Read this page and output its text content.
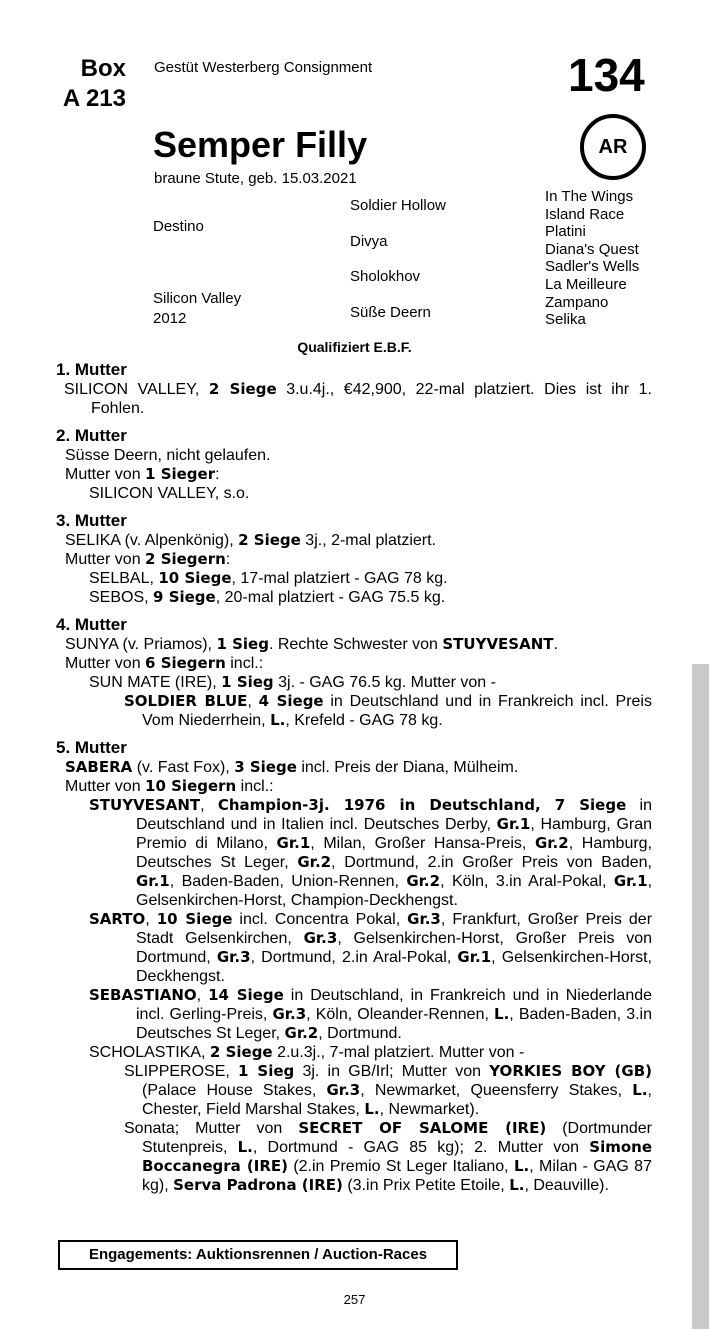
Box
A 213
Gestüt Westerberg Consignment	134
Semper Filly
braune Stute, geb. 15.03.2021
AR
Destino
Silicon Valley
2012
Soldier Hollow
Divya
Sholokhov
Süße Deern
In The Wings
Island Race
Platini
Diana's Quest
Sadler's Wells
La Meilleure
Zampano
Selika
Qualifiziert E.B.F.
1. Mutter
SILICON VALLEY, 2 Siege 3.u.4j., €42,900, 22-mal platziert. Dies ist ihr 1. Fohlen.
2. Mutter
Süsse Deern, nicht gelaufen.
Mutter von 1 Sieger:
SILICON VALLEY, s.o.
3. Mutter
SELIKA (v. Alpenkönig), 2 Siege 3j., 2-mal platziert.
Mutter von 2 Siegern:
SELBAL, 10 Siege, 17-mal platziert - GAG 78 kg.
SEBOS, 9 Siege, 20-mal platziert - GAG 75.5 kg.
4. Mutter
SUNYA (v. Priamos), 1 Sieg. Rechte Schwester von STUYVESANT.
Mutter von 6 Siegern incl.:
SUN MATE (IRE), 1 Sieg 3j. - GAG 76.5 kg. Mutter von -
SOLDIER BLUE, 4 Siege in Deutschland und in Frankreich incl. Preis Vom Niederrhein, L., Krefeld - GAG 78 kg.
5. Mutter
SABERA (v. Fast Fox), 3 Siege incl. Preis der Diana, Mülheim.
Mutter von 10 Siegern incl.:
STUYVESANT, Champion-3j. 1976 in Deutschland, 7 Siege in Deutschland und in Italien incl. Deutsches Derby, Gr.1, Hamburg, Gran Premio di Milano, Gr.1, Milan, Großer Hansa-Preis, Gr.2, Hamburg, Deutsches St Leger, Gr.2, Dortmund, 2.in Großer Preis von Baden, Gr.1, Baden-Baden, Union-Rennen, Gr.2, Köln, 3.in Aral-Pokal, Gr.1, Gelsenkirchen-Horst, Champion-Deckhengst.
SARTO, 10 Siege incl. Concentra Pokal, Gr.3, Frankfurt, Großer Preis der Stadt Gelsenkirchen, Gr.3, Gelsenkirchen-Horst, Großer Preis von Dortmund, Gr.3, Dortmund, 2.in Aral-Pokal, Gr.1, Gelsenkirchen-Horst, Deckhengst.
SEBASTIANO, 14 Siege in Deutschland, in Frankreich und in Niederlande incl. Gerling-Preis, Gr.3, Köln, Oleander-Rennen, L., Baden-Baden, 3.in Deutsches St Leger, Gr.2, Dortmund.
SCHOLASTIKA, 2 Siege 2.u.3j., 7-mal platziert. Mutter von -
SLIPPEROSE, 1 Sieg 3j. in GB/Irl; Mutter von YORKIES BOY (GB) (Palace House Stakes, Gr.3, Newmarket, Queensferry Stakes, L., Chester, Field Marshal Stakes, L., Newmarket).
Sonata; Mutter von SECRET OF SALOME (IRE) (Dortmunder Stutenpreis, L., Dortmund - GAG 85 kg); 2. Mutter von Simone Boccanegra (IRE) (2.in Premio St Leger Italiano, L., Milan - GAG 87 kg), Serva Padrona (IRE) (3.in Prix Petite Etoile, L., Deauville).
Engagements: Auktionsrennen / Auction-Races
257
